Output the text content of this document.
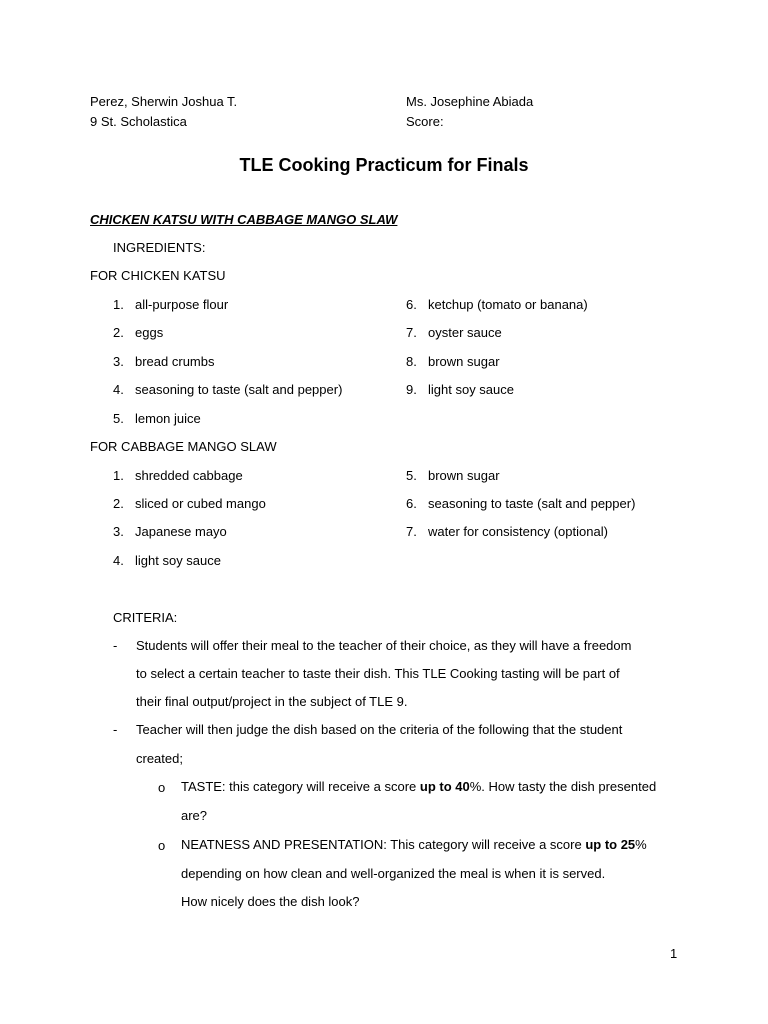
Perez, Sherwin Joshua T.
9 St. Scholastica
Ms. Josephine Abiada
Score:
TLE Cooking Practicum for Finals
CHICKEN KATSU WITH CABBAGE MANGO SLAW
INGREDIENTS:
FOR CHICKEN KATSU
1. all-purpose flour
2. eggs
3. bread crumbs
4. seasoning to taste (salt and pepper)
5. lemon juice
6. ketchup (tomato or banana)
7. oyster sauce
8. brown sugar
9. light soy sauce
FOR CABBAGE MANGO SLAW
1. shredded cabbage
2. sliced or cubed mango
3. Japanese mayo
4. light soy sauce
5. brown sugar
6. seasoning to taste (salt and pepper)
7. water for consistency (optional)
CRITERIA:
- Students will offer their meal to the teacher of their choice, as they will have a freedom
to select a certain teacher to taste their dish. This TLE Cooking tasting will be part of
their final output/project in the subject of TLE 9.
- Teacher will then judge the dish based on the criteria of the following that the student
created;
o TASTE: this category will receive a score up to 40%. How tasty the dish presented
are?
o NEATNESS AND PRESENTATION: This category will receive a score up to 25%
depending on how clean and well-organized the meal is when it is served.
How nicely does the dish look?
1
